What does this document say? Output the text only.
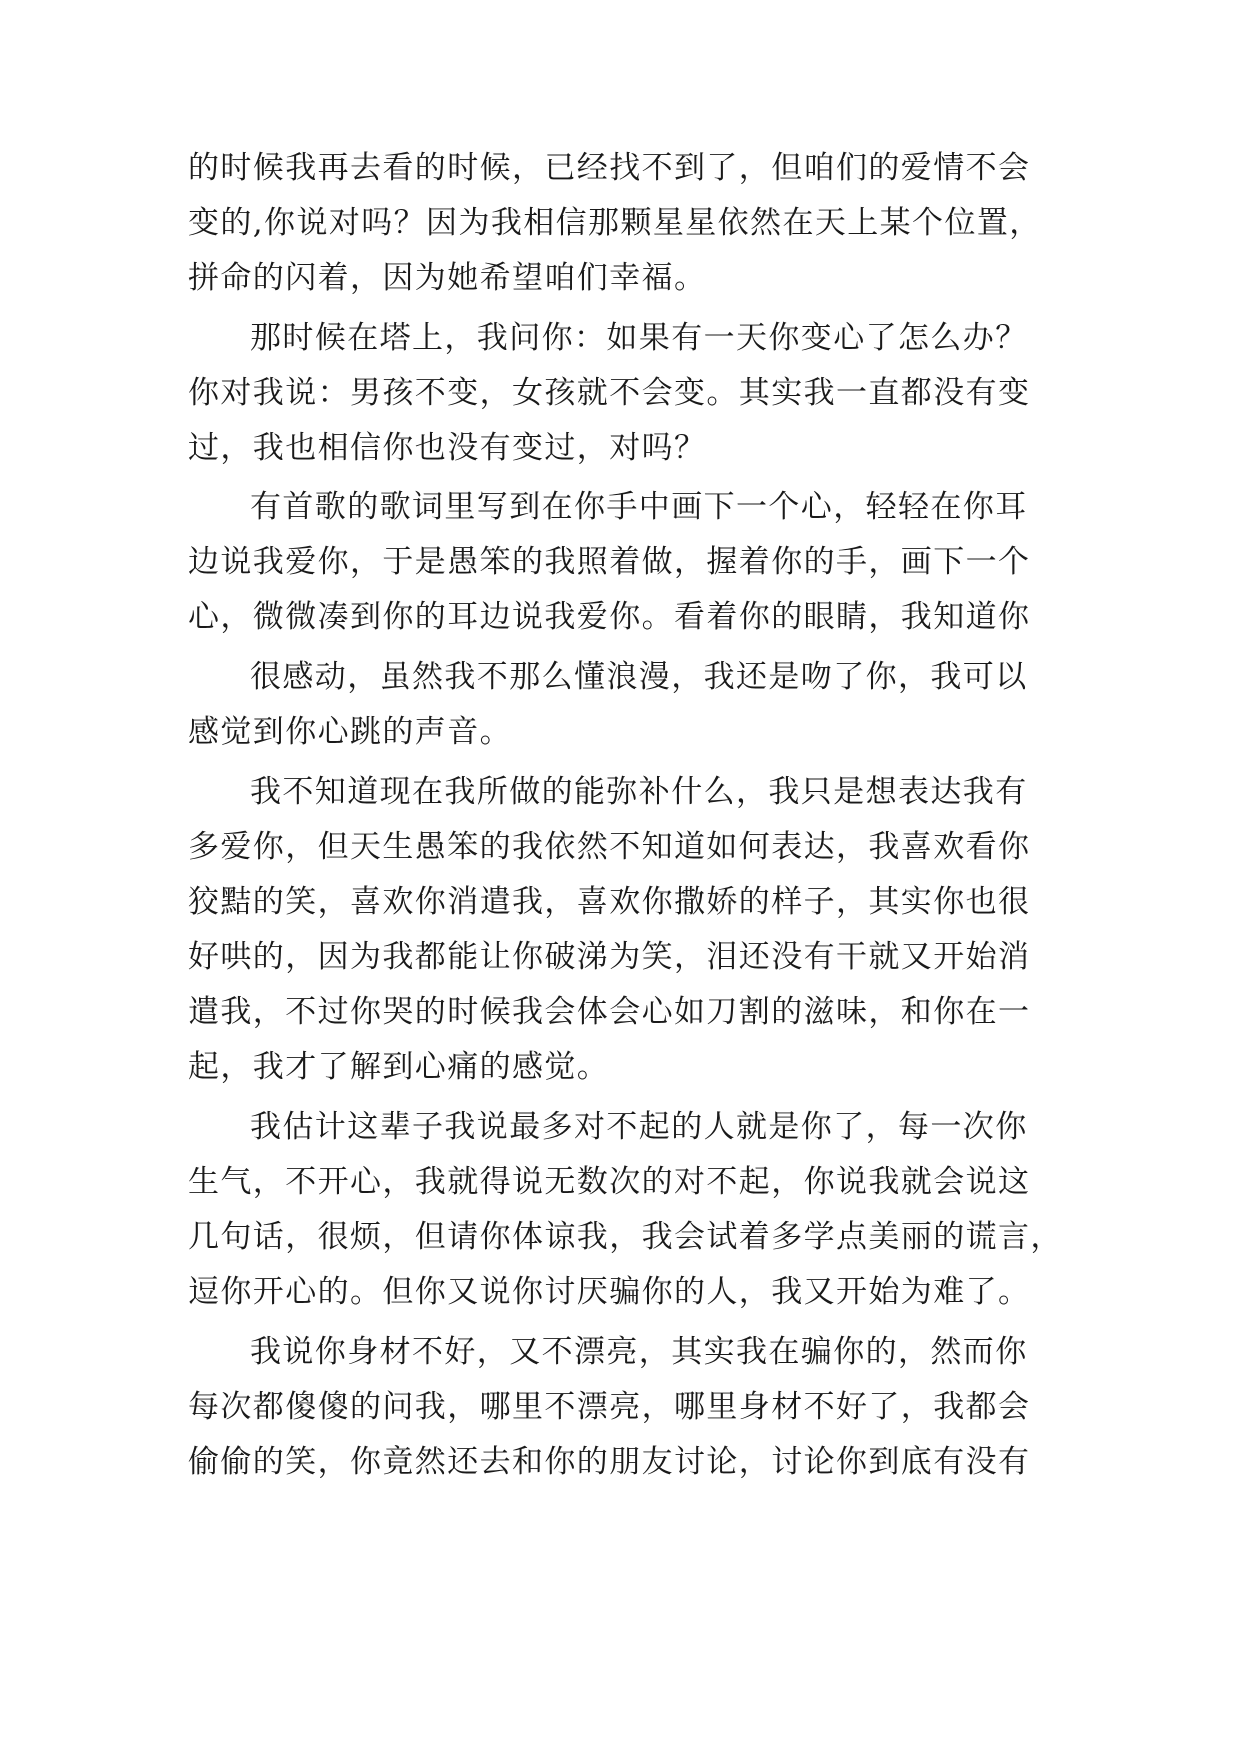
的时候我再去看的时候，已经找不到了，但咱们的爱情不会
变的,你说对吗？因为我相信那颗星星依然在天上某个位置，
拼命的闪着，因为她希望咱们幸福。
那时候在塔上，我问你：如果有一天你变心了怎么办？
你对我说：男孩不变，女孩就不会变。其实我一直都没有变
过，我也相信你也没有变过，对吗？
有首歌的歌词里写到在你手中画下一个心，轻轻在你耳
边说我爱你，于是愚笨的我照着做，握着你的手，画下一个
心，微微凑到你的耳边说我爱你。看着你的眼睛，我知道你
很感动，虽然我不那么懂浪漫，我还是吻了你，我可以
感觉到你心跳的声音。
我不知道现在我所做的能弥补什么，我只是想表达我有
多爱你，但天生愚笨的我依然不知道如何表达，我喜欢看你
狡黠的笑，喜欢你消遣我，喜欢你撒娇的样子，其实你也很
好哄的，因为我都能让你破涕为笑，泪还没有干就又开始消
遣我，不过你哭的时候我会体会心如刀割的滋味，和你在一
起，我才了解到心痛的感觉。
我估计这辈子我说最多对不起的人就是你了，每一次你
生气，不开心，我就得说无数次的对不起，你说我就会说这
几句话，很烦，但请你体谅我，我会试着多学点美丽的谎言，
逗你开心的。但你又说你讨厌骗你的人，我又开始为难了。
我说你身材不好，又不漂亮，其实我在骗你的，然而你
每次都傻傻的问我，哪里不漂亮，哪里身材不好了，我都会
偷偷的笑，你竟然还去和你的朋友讨论，讨论你到底有没有
